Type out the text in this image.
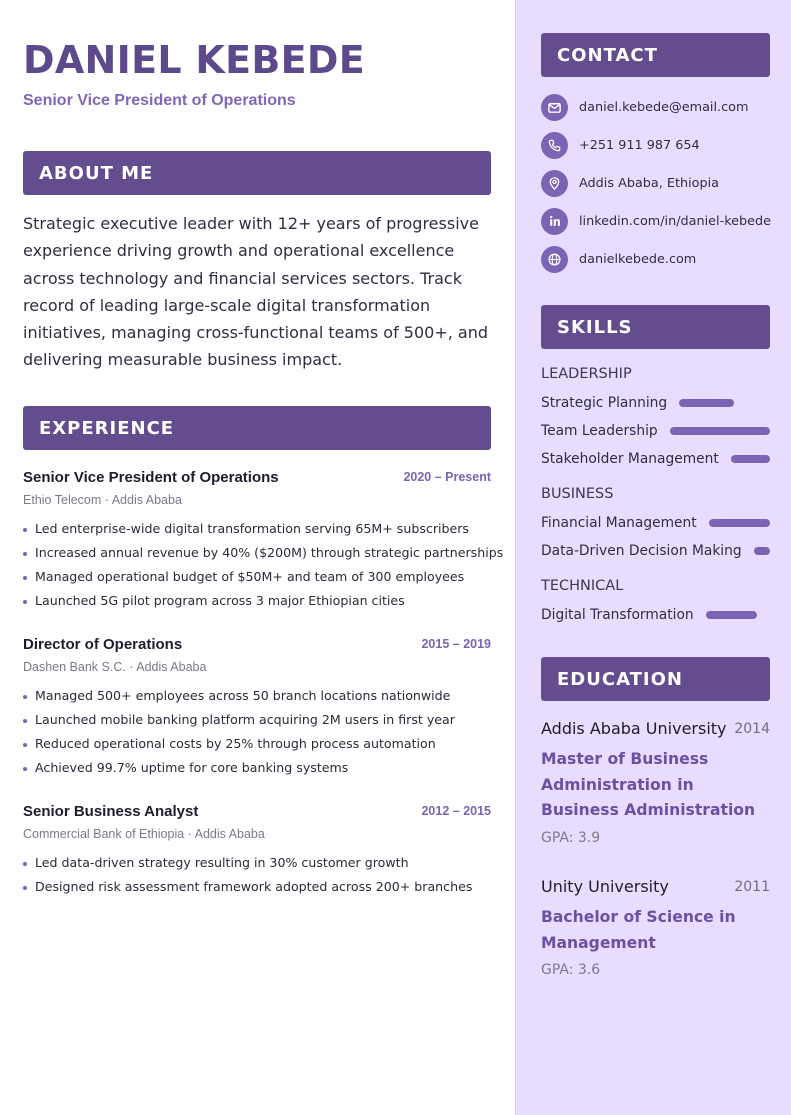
DANIEL KEBEDE
Senior Vice President of Operations
ABOUT ME

Strategic executive leader with 12+ years of progressive experience driving growth and operational excellence across technology and financial services sectors. Track record of leading large-scale digital transformation initiatives, managing cross-functional teams of 500+, and delivering measurable business impact.

EXPERIENCE
Senior Vice President of Operations	2020 – Present
Ethio Telecom · Addis Ababa
Led enterprise-wide digital transformation serving 65M+ subscribers
Increased annual revenue by 40% ($200M) through strategic partnerships
Managed operational budget of $50M+ and team of 300 employees
Launched 5G pilot program across 3 major Ethiopian cities
Director of Operations	2015 – 2019
Dashen Bank S.C. · Addis Ababa
Managed 500+ employees across 50 branch locations nationwide
Launched mobile banking platform acquiring 2M users in first year
Reduced operational costs by 25% through process automation
Achieved 99.7% uptime for core banking systems
Senior Business Analyst	2012 – 2015
Commercial Bank of Ethiopia · Addis Ababa
Led data-driven strategy resulting in 30% customer growth
Designed risk assessment framework adopted across 200+ branches
CONTACT
daniel.kebede@email.com
+251 911 987 654
Addis Ababa, Ethiopia
linkedin.com/in/daniel-kebede
danielkebede.com
SKILLS
LEADERSHIP
Strategic Planning
Team Leadership
Stakeholder Management
BUSINESS
Financial Management
Data-Driven Decision Making
TECHNICAL
Digital Transformation
EDUCATION
Addis Ababa University 2014
Master of Business Administration in Business Administration
GPA: 3.9
Unity University	2011
Bachelor of Science in Management
GPA: 3.6
